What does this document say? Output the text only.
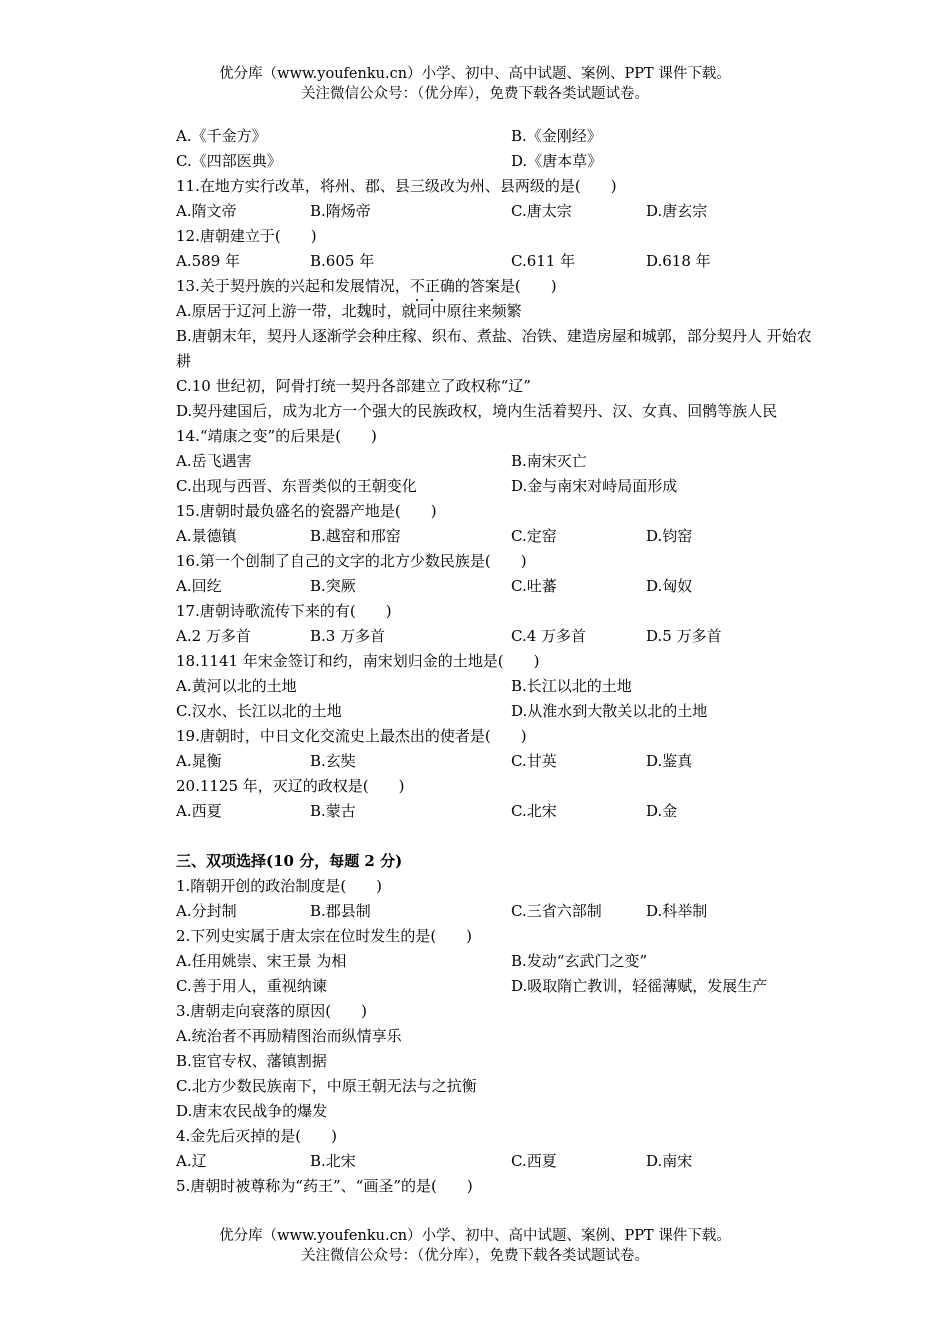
优分库（www.youfenku.cn）小学、初中、高中试题、案例、PPT 课件下载。
关注微信公众号：（优分库），免费下载各类试题试卷。
A.《千金方》	B.《金刚经》
C.《四部医典》	D.《唐本草》
11.在地方实行改革，将州、郡、县三级改为州、县两级的是(　　)
A.隋文帝	B.隋炀帝	C.唐太宗	D.唐玄宗
12.唐朝建立于(　　)
A.589 年	B.605 年	C.611 年	D.618 年
13.关于契丹族的兴起和发展情况，不正确的答案是(　　)
A.原居于辽河上游一带，北魏时，就同中原往来频繁
B.唐朝末年，契丹人逐渐学会种庄稼、织布、煮盐、冶铁、建造房屋和城郭，部分契丹人 开始农耕
C.10 世纪初，阿骨打统一契丹各部建立了政权称“辽”
D.契丹建国后，成为北方一个强大的民族政权，境内生活着契丹、汉、女真、回鹘等族人民
14.“靖康之变”的后果是(　　)
A.岳飞遇害	B.南宋灭亡
C.出现与西晋、东晋类似的王朝变化	D.金与南宋对峙局面形成
15.唐朝时最负盛名的瓷器产地是(　　)
A.景德镇	B.越窑和邢窑	C.定窑	D.钧窑
16.第一个创制了自己的文字的北方少数民族是(　　)
A.回纥	B.突厥	C.吐蕃	D.匈奴
17.唐朝诗歌流传下来的有(　　)
A.2 万多首	B.3 万多首	C.4 万多首	D.5 万多首
18.1141 年宋金签订和约，南宋划归金的土地是(　　)
A.黄河以北的土地	B.长江以北的土地
C.汉水、长江以北的土地	D.从淮水到大散关以北的土地
19.唐朝时，中日文化交流史上最杰出的使者是(　　)
A.晁衡	B.玄奘	C.甘英	D.鉴真
20.1125 年，灭辽的政权是(　　)
A.西夏	B.蒙古	C.北宋	D.金
三、双项选择(10 分，每题 2 分)
1.隋朝开创的政治制度是(　　)
A.分封制	B.郡县制	C.三省六部制	D.科举制
2.下列史实属于唐太宗在位时发生的是(　　)
A.任用姚崇、宋王景 为相	B.发动“玄武门之变”
C.善于用人，重视纳谏	D.吸取隋亡教训，轻徭薄赋，发展生产
3.唐朝走向衰落的原因(　　)
A.统治者不再励精图治而纵情享乐
B.宦官专权、藩镇割据
C.北方少数民族南下，中原王朝无法与之抗衡
D.唐末农民战争的爆发
4.金先后灭掉的是(　　)
A.辽	B.北宋	C.西夏	D.南宋
5.唐朝时被尊称为“药王”、“画圣”的是(　　)
优分库（www.youfenku.cn）小学、初中、高中试题、案例、PPT 课件下载。
关注微信公众号：（优分库），免费下载各类试题试卷。
